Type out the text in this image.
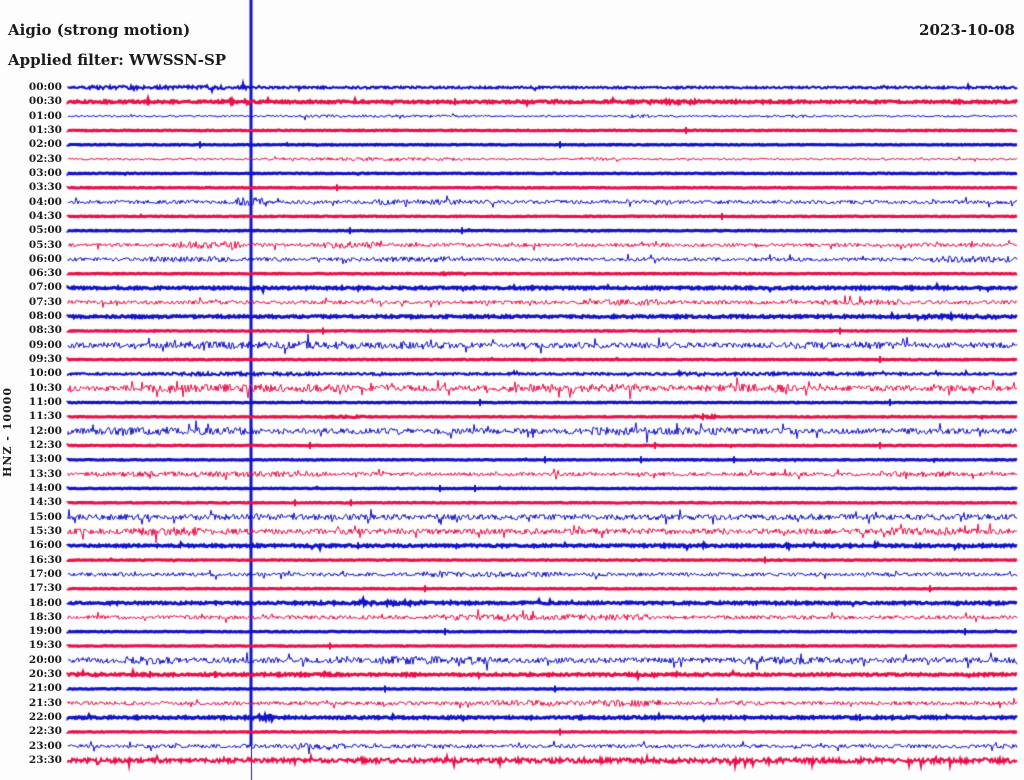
Aigio (strong motion)
Applied filter: WWSSN-SP
2023-10-08
HNZ - 10000
00:00
00:30
01:00
01:30
02:00
02:30
03:00
03:30
04:00
04:30
05:00
05:30
06:00
06:30
07:00
07:30
08:00
08:30
09:00
09:30
10:00
10:30
11:00
11:30
12:00
12:30
13:00
13:30
14:00
14:30
15:00
15:30
16:00
16:30
17:00
17:30
18:00
18:30
19:00
19:30
20:00
20:30
21:00
21:30
22:00
22:30
23:00
23:30
